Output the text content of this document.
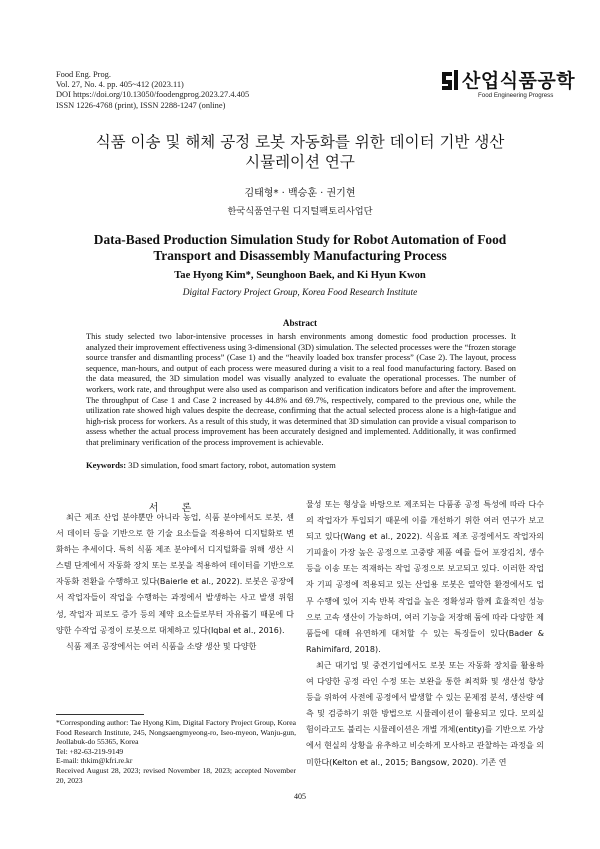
Food Eng. Prog.
Vol. 27, No. 4. pp. 405~412 (2023.11)
DOI https://doi.org/10.13050/foodengprog.2023.27.4.405
ISSN 1226-4768 (print), ISSN 2288-1247 (online)
산업식품공학
Food Engineering Progress
식품 이송 및 해체 공정 로봇 자동화를 위한 데이터 기반 생산
시뮬레이션 연구
김태형* · 백승훈 · 권기현
한국식품연구원 디지털팩토리사업단
Data-Based Production Simulation Study for Robot Automation of Food
Transport and Disassembly Manufacturing Process
Tae Hyong Kim*, Seunghoon Baek, and Ki Hyun Kwon
Digital Factory Project Group, Korea Food Research Institute
Abstract
This study selected two labor-intensive processes in harsh environments among domestic food production processes. It analyzed their improvement effectiveness using 3-dimensional (3D) simulation. The selected processes were the “frozen storage source transfer and dismantling process” (Case 1) and the “heavily loaded box transfer process” (Case 2). The layout, process sequence, man-hours, and output of each process were measured during a visit to a real food manufacturing factory. Based on the data measured, the 3D simulation model was visually analyzed to evaluate the operational processes. The number of workers, work rate, and throughput were also used as comparison and verification indicators before and after the improvement. The throughput of Case 1 and Case 2 increased by 44.8% and 69.7%, respectively, compared to the previous one, while the utilization rate showed high values despite the decrease, confirming that the actual selected process alone is a high-fatigue and high-risk process for workers. As a result of this study, it was determined that 3D simulation can provide a visual comparison to assess whether the actual process improvement has been accurately designed and implemented. Additionally, it was confirmed that preliminary verification of the process improvement is achievable.
Keywords: 3D simulation, food smart factory, robot, automation system
서 론

최근 제조 산업 분야뿐만 아니라 농업, 식품 분야에서도 로봇, 센서 데이터 등을 기반으로 한 기술 요소들을 적용하여 디지털화로 변화하는 추세이다. 특히 식품 제조 분야에서 디지털화를 위해 생산 시스템 단계에서 자동화 장치 또는 로봇을 적용하여 데이터를 기반으로 자동화 전환을 수행하고 있다(Baierle et al., 2022). 로봇은 공장에서 작업자들이 작업을 수행하는 과정에서 발생하는 사고 발생 위험성, 작업자 피로도 증가 등의 제약 요소들로부터 자유롭기 때문에 다양한 수작업 공정이 로봇으로 대체하고 있다(Iqbal et al., 2016).

식품 제조 공장에서는 여러 식품을 소량 생산 및 다양한

물성 또는 형상을 바탕으로 제조되는 다품종 공정 특성에 따라 다수의 작업자가 투입되기 때문에 이를 개선하기 위한 여러 연구가 보고되고 있다(Wang et al., 2022). 식음료 제조 공정에서도 작업자의 기피율이 가장 높은 공정으로 고중량 제품 예를 들어 포장김치, 생수 등을 이송 또는 적재하는 작업 공정으로 보고되고 있다. 이러한 작업자 기피 공정에 적용되고 있는 산업용 로봇은 열악한 환경에서도 업무 수행에 있어 지속 반복 작업을 높은 정확성과 함께 효율적인 성능으로 고속 생산이 가능하며, 여러 기능을 저장해 둠에 따라 다양한 제품들에 대해 유연하게 대처할 수 있는 특징들이 있다(Bader & Rahimifard, 2018).

최근 대기업 및 중견기업에서도 로봇 또는 자동화 장치를 활용하여 다양한 공정 라인 수정 또는 보완을 통한 최적화 및 생산성 향상 등을 위하여 사전에 공정에서 발생할 수 있는 문제점 분석, 생산량 예측 및 검증하기 위한 방법으로 시뮬레이션이 활용되고 있다. 모의실험이라고도 불리는 시뮬레이션은 개별 개체(entity)를 기반으로 가상에서 현실의 상황을 유추하고 비슷하게 모사하고 관찰하는 과정을 의미한다(Kelton et al., 2015; Bangsow, 2020). 기존 연

*Corresponding author: Tae Hyong Kim, Digital Factory Project Group, Korea Food Research Institute, 245, Nongsaengmyeong-ro, Iseo-myeon, Wanju-gun, Jeollabuk-do 55365, Korea
Tel: +82-63-219-9149
E-mail: thkim@kfri.re.kr
Received August 28, 2023; revised November 18, 2023; accepted November 20, 2023
405
